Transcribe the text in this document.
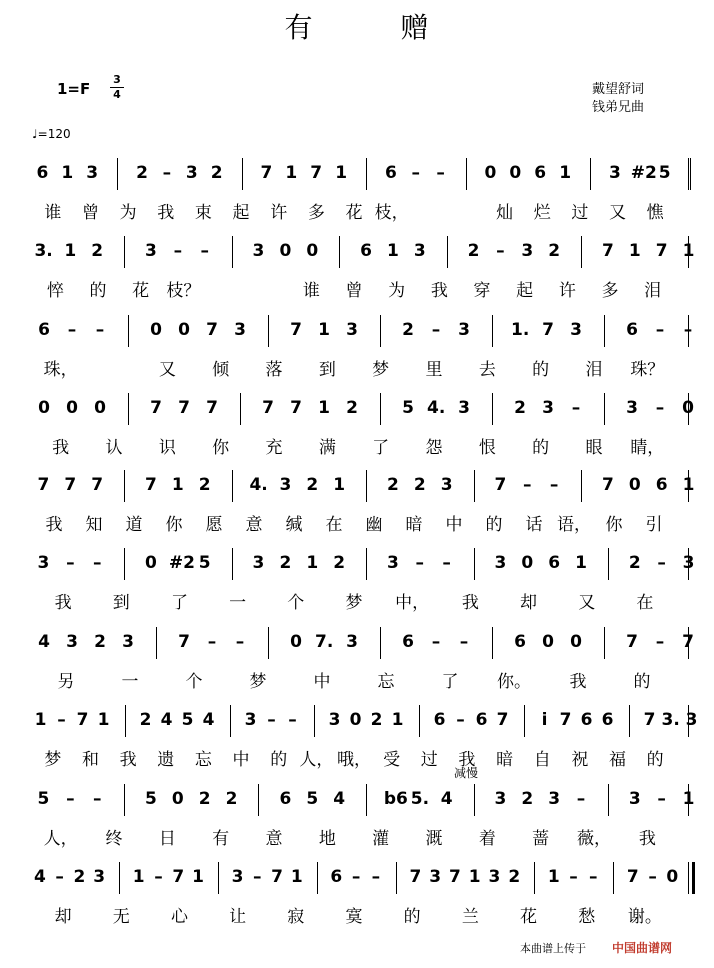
有　　　赠
1=F
3
4
♩=120
戴望舒词
钱弟兄曲
减慢
6 1 3 2 – 3 2 7 1 7 1 6 – – 0 0 6 1 3 #2 5
谁	曾	为	我	束	起	许	多	花 枝，	灿	烂	过	又	憔
3. 1 2 3 – –	3 0 0 6 1 3 2 – 3 2 7 1 7 1
悴	的	花	枝？	谁	曾	为	我	穿	起	许	多	泪
6 – –	0 0 7 3	7 1 3	2 – 3 1. 7 3	6 – –
珠，	又	倾	落	到	梦	里	去	的	泪	珠？
0 0 0	7 7 7	7 7 1 2	5 4. 3	2 3 –	3 – 0
我	认	识	你	充	满	了	怨	恨	的	眼	睛，
7 7 7 7 1 2 4. 3 2 1 2 2 3 7 – –	7 0 6 1
我	知	道	你	愿	意	缄	在	幽	暗	中	的	话 语， 你	引
3 – –	0 #2 5 3 2 1 2 3 – –	3 0 6 1 2 – 3
我	到	了	一	个	梦	中，	我	却	又	在
4 3 2 3	7 – –	0 7. 3	6 – –	6 0 0	7 – 7
另	一	个	梦	中	忘	了	你。	我	的
1 – 7 1 2 4 5 4 3 – – 3 0 2 1 6 – 6 7	i 7 6 6 7 3. 3
梦	和	我	遗	忘	中	的 人， 哦， 受	过	我	暗	自	祝	福	的
5 – –	5 0 2 2 6 5 4 b6 5. 4 3 2 3 –	3 – 1
人，	终	日	有	意	地	灌	溉	着	蔷	薇，	我
4 – 2 3 1 – 7 1 3 – 7 1 6 – – 7 3 7 1 3 2 1 – – 7 – 0
却	无	心	让	寂	寞	的	兰	花	愁	谢。
本曲谱上传于 中国曲谱网
